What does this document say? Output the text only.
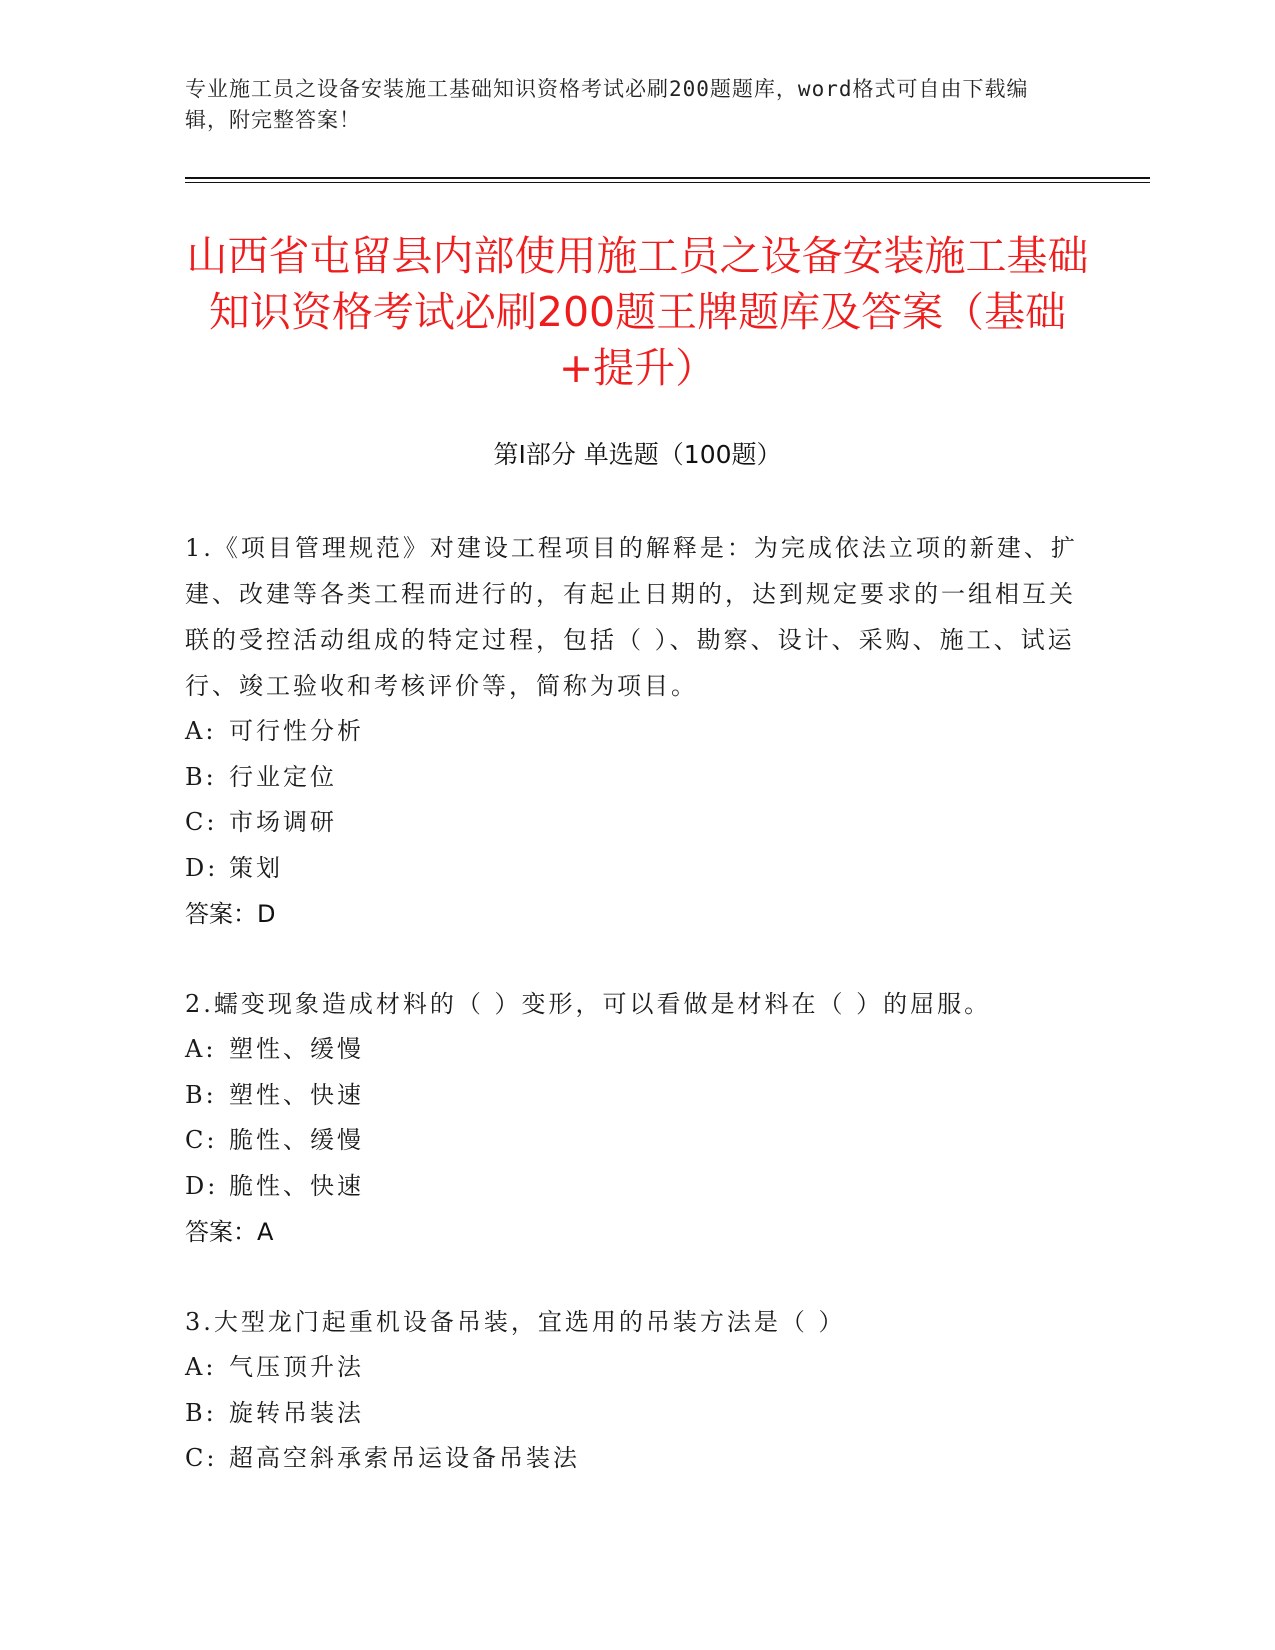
专业施工员之设备安装施工基础知识资格考试必刷200题题库，word格式可自由下载编辑，附完整答案！
山西省屯留县内部使用施工员之设备安装施工基础知识资格考试必刷200题王牌题库及答案（基础+提升）
第I部分 单选题（100题）

1.《项目管理规范》对建设工程项目的解释是：为完成依法立项的新建、扩建、改建等各类工程而进行的，有起止日期的，达到规定要求的一组相互关联的受控活动组成的特定过程，包括（ ）、勘察、设计、采购、施工、试运行、竣工验收和考核评价等，简称为项目。

A: 可行性分析
B: 行业定位
C: 市场调研
D: 策划
答案：D

2.蠕变现象造成材料的（ ）变形，可以看做是材料在（ ）的屈服。

A: 塑性、缓慢
B: 塑性、快速
C: 脆性、缓慢
D: 脆性、快速
答案：A

3.大型龙门起重机设备吊装，宜选用的吊装方法是（ ）

A: 气压顶升法
B: 旋转吊装法
C: 超高空斜承索吊运设备吊装法
